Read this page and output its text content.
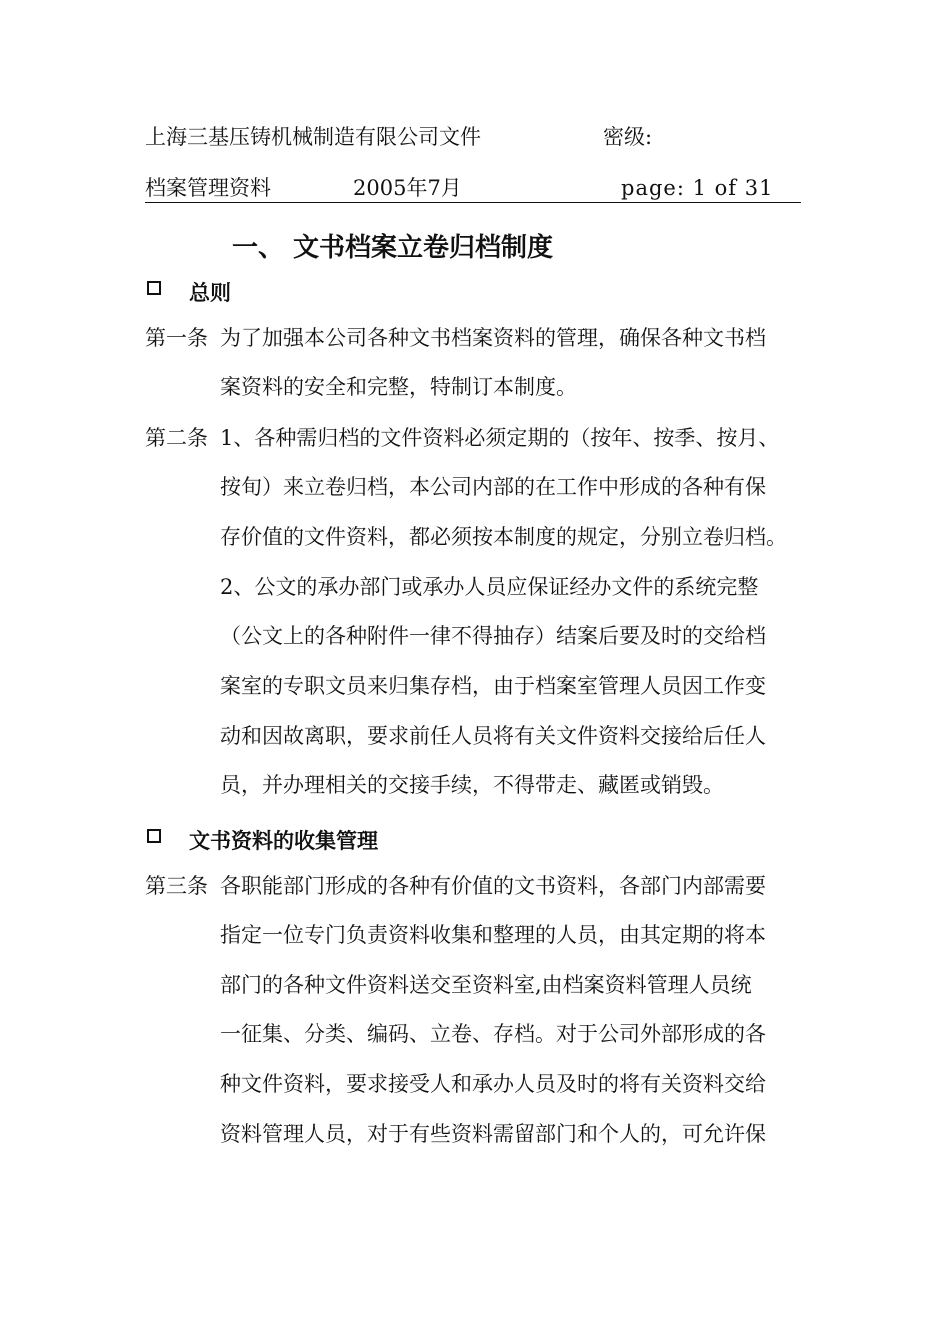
上海三基压铸机械制造有限公司文件	密级:
档案管理资料	2005年7月	page: 1 of 31
一、 文书档案立卷归档制度
总则
第一条 为了加强本公司各种文书档案资料的管理，确保各种文书档
案资料的安全和完整，特制订本制度。
第二条 1、各种需归档的文件资料必须定期的（按年、按季、按月、
按旬）来立卷归档，本公司内部的在工作中形成的各种有保
存价值的文件资料，都必须按本制度的规定，分别立卷归档。
2、公文的承办部门或承办人员应保证经办文件的系统完整
（公文上的各种附件一律不得抽存）结案后要及时的交给档
案室的专职文员来归集存档，由于档案室管理人员因工作变
动和因故离职，要求前任人员将有关文件资料交接给后任人
员，并办理相关的交接手续，不得带走、藏匿或销毁。
文书资料的收集管理
第三条 各职能部门形成的各种有价值的文书资料，各部门内部需要
指定一位专门负责资料收集和整理的人员，由其定期的将本
部门的各种文件资料送交至资料室,由档案资料管理人员统
一征集、分类、编码、立卷、存档。对于公司外部形成的各
种文件资料，要求接受人和承办人员及时的将有关资料交给
资料管理人员，对于有些资料需留部门和个人的，可允许保
